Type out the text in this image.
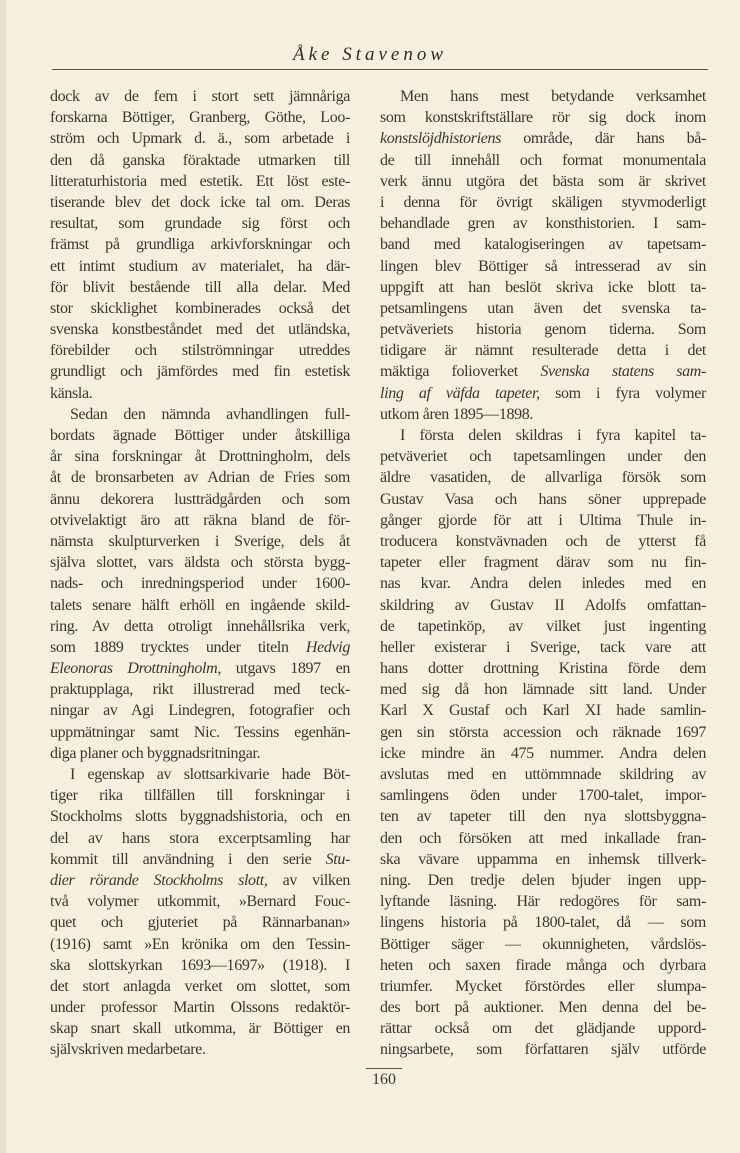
Åke Stavenow
dock av de fem i stort sett jämnåriga
forskarna Böttiger, Granberg, Göthe, Loo-
ström och Upmark d. ä., som arbetade i
den då ganska föraktade utmarken till
litteraturhistoria med estetik. Ett löst este-
tiserande blev det dock icke tal om. Deras
resultat, som grundade sig först och
främst på grundliga arkivforskningar och
ett intimt studium av materialet, ha där-
för blivit bestående till alla delar. Med
stor skicklighet kombinerades också det
svenska konstbeståndet med det utländska,
förebilder och stilströmningar utreddes
grundligt och jämfördes med fin estetisk
känsla.
Sedan den nämnda avhandlingen full-
bordats ägnade Böttiger under åtskilliga
år sina forskningar åt Drottningholm, dels
åt de bronsarbeten av Adrian de Fries som
ännu dekorera lustträdgården och som
otvivelaktigt äro att räkna bland de för-
nämsta skulpturverken i Sverige, dels åt
själva slottet, vars äldsta och största bygg-
nads- och inredningsperiod under 1600-
talets senare hälft erhöll en ingående skild-
ring. Av detta otroligt innehållsrika verk,
som 1889 trycktes under titeln Hedvig
Eleonoras Drottningholm, utgavs 1897 en
praktupplaga, rikt illustrerad med teck-
ningar av Agi Lindegren, fotografier och
uppmätningar samt Nic. Tessins egenhän-
diga planer och byggnadsritningar.
I egenskap av slottsarkivarie hade Böt-
tiger rika tillfällen till forskningar i
Stockholms slotts byggnadshistoria, och en
del av hans stora excerptsamling har
kommit till användning i den serie Stu-
dier rörande Stockholms slott, av vilken
två volymer utkommit, »Bernard Fouc-
quet och gjuteriet på Rännarbanan»
(1916) samt »En krönika om den Tessin-
ska slottskyrkan 1693—1697» (1918). I
det stort anlagda verket om slottet, som
under professor Martin Olssons redaktör-
skap snart skall utkomma, är Böttiger en
självskriven medarbetare.
Men hans mest betydande verksamhet
som konstskriftställare rör sig dock inom
konstslöjdhistoriens område, där hans bå-
de till innehåll och format monumentala
verk ännu utgöra det bästa som är skrivet
i denna för övrigt skäligen styvmoderligt
behandlade gren av konsthistorien. I sam-
band med katalogiseringen av tapetsam-
lingen blev Böttiger så intresserad av sin
uppgift att han beslöt skriva icke blott ta-
petsamlingens utan även det svenska ta-
petväveriets historia genom tiderna. Som
tidigare är nämnt resulterade detta i det
mäktiga folioverket Svenska statens sam-
ling af väfda tapeter, som i fyra volymer
utkom åren 1895—1898.
I första delen skildras i fyra kapitel ta-
petväveriet och tapetsamlingen under den
äldre vasatiden, de allvarliga försök som
Gustav Vasa och hans söner upprepade
gånger gjorde för att i Ultima Thule in-
troducera konstvävnaden och de ytterst få
tapeter eller fragment därav som nu fin-
nas kvar. Andra delen inledes med en
skildring av Gustav II Adolfs omfattan-
de tapetinköp, av vilket just ingenting
heller existerar i Sverige, tack vare att
hans dotter drottning Kristina förde dem
med sig då hon lämnade sitt land. Under
Karl X Gustaf och Karl XI hade samlin-
gen sin största accession och räknade 1697
icke mindre än 475 nummer. Andra delen
avslutas med en uttömmnade skildring av
samlingens öden under 1700-talet, impor-
ten av tapeter till den nya slottsbyggna-
den och försöken att med inkallade fran-
ska vävare uppamma en inhemsk tillverk-
ning. Den tredje delen bjuder ingen upp-
lyftande läsning. Här redogöres för sam-
lingens historia på 1800-talet, då — som
Böttiger säger — okunnigheten, vårdslös-
heten och saxen firade många och dyrbara
triumfer. Mycket förstördes eller slumpa-
des bort på auktioner. Men denna del be-
rättar också om det glädjande uppord-
ningsarbete, som författaren själv utförde
160
